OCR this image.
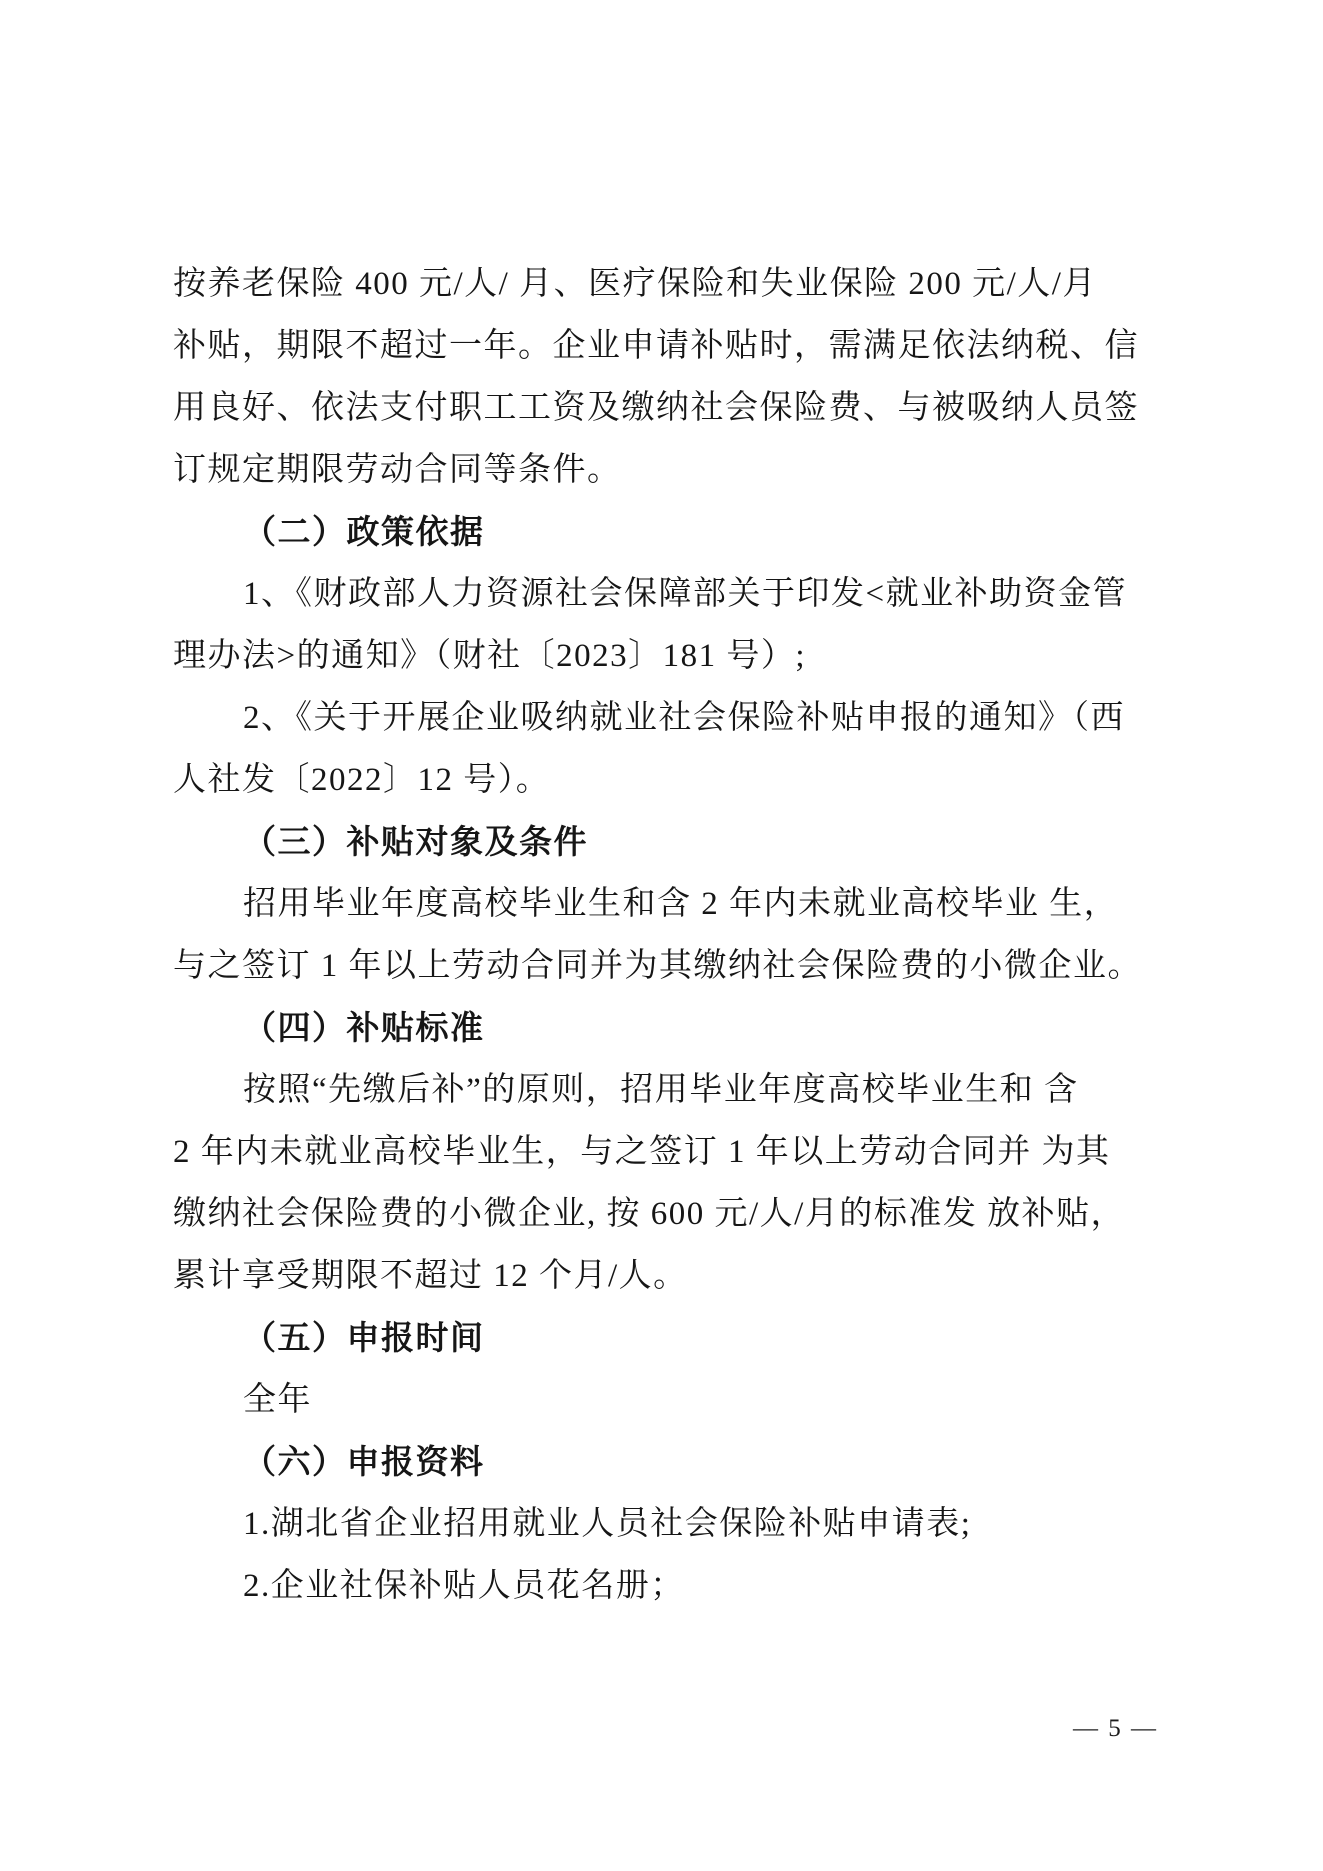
按养老保险 400 元/人/ 月、医疗保险和失业保险 200 元/人/月
补贴，期限不超过一年。企业申请补贴时，需满足依法纳税、信
用良好、依法支付职工工资及缴纳社会保险费、与被吸纳人员签
订规定期限劳动合同等条件。
（二）政策依据
1、《财政部人力资源社会保障部关于印发<就业补助资金管
理办法>的通知》（财社〔2023〕181 号）;
2、《关于开展企业吸纳就业社会保险补贴申报的通知》（西
人社发〔2022〕12 号）。
（三）补贴对象及条件
招用毕业年度高校毕业生和含 2 年内未就业高校毕业 生，
与之签订 1 年以上劳动合同并为其缴纳社会保险费的小微企业。
（四）补贴标准
按照“先缴后补”的原则，招用毕业年度高校毕业生和 含
2 年内未就业高校毕业生，与之签订 1 年以上劳动合同并 为其
缴纳社会保险费的小微企业, 按 600 元/人/月的标准发 放补贴，
累计享受期限不超过 12 个月/人。
（五）申报时间
全年
（六）申报资料
1.湖北省企业招用就业人员社会保险补贴申请表;
2.企业社保补贴人员花名册；
— 5 —
